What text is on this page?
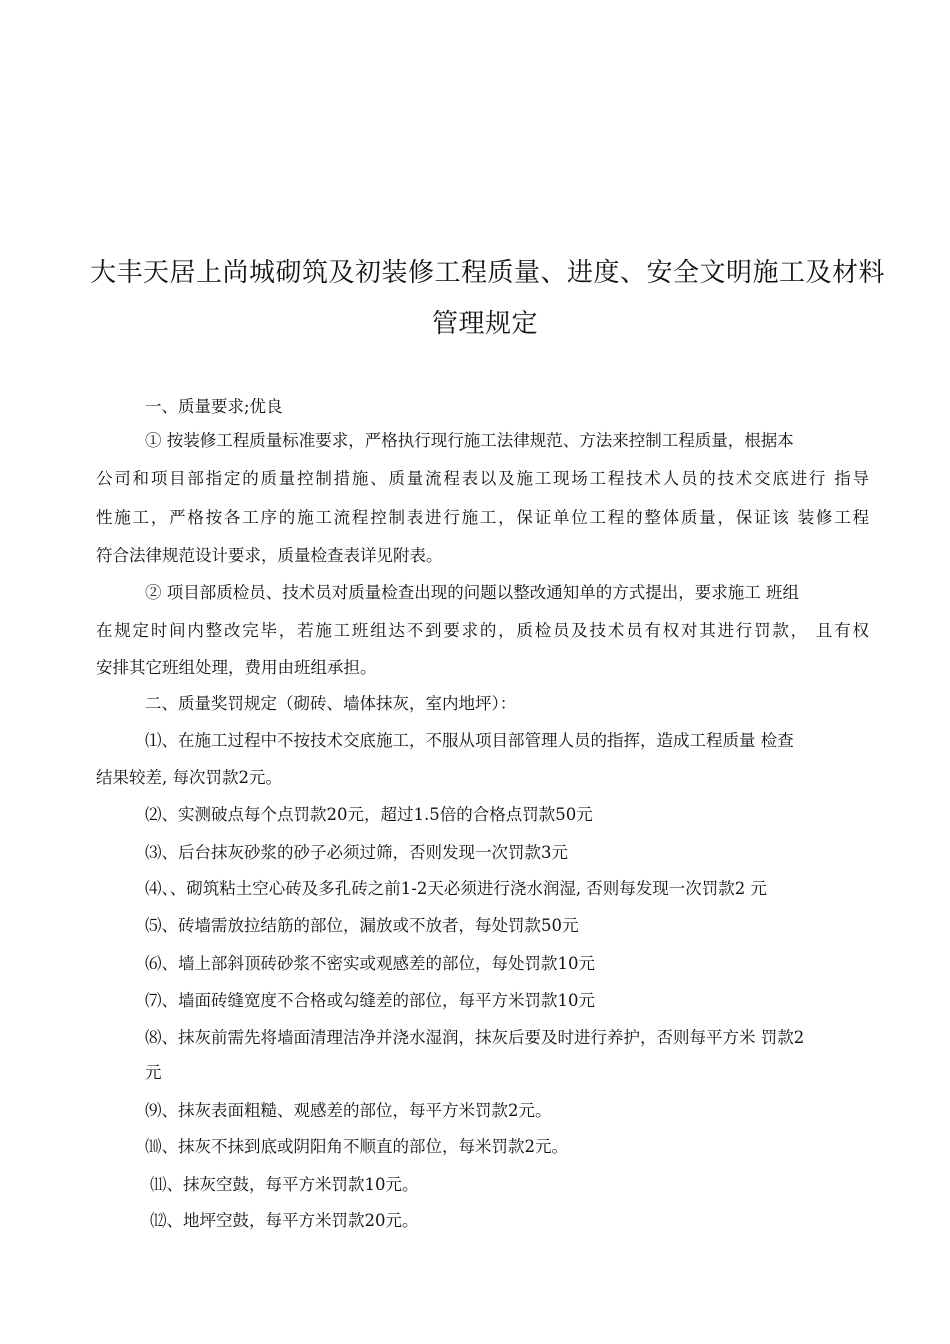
大丰天居上尚城砌筑及初装修工程质量、进度、安全文明施工及材料
管理规定
一、质量要求;优良
① 按装修工程质量标准要求，严格执行现行施工法律规范、方法来控制工程质量，根据本
公司和项目部指定的质量控制措施、质量流程表以及施工现场工程技术人员的技术交底进行 指导
性施工，严格按各工序的施工流程控制表进行施工，保证单位工程的整体质量，保证该 装修工程
符合法律规范设计要求，质量检查表详见附表。
② 项目部质检员、技术员对质量检查出现的问题以整改通知单的方式提出，要求施工 班组
在规定时间内整改完毕，若施工班组达不到要求的，质检员及技术员有权对其进行罚款， 且有权
安排其它班组处理，费用由班组承担。
二、质量奖罚规定（砌砖、墙体抹灰，室内地坪）：
⑴、在施工过程中不按技术交底施工，不服从项目部管理人员的指挥，造成工程质量 检查
结果较差, 每次罚款2元。
⑵、实测破点每个点罚款20元，超过1.5倍的合格点罚款50元
⑶、后台抹灰砂浆的砂子必须过筛，否则发现一次罚款3元
⑷、、砌筑粘土空心砖及多孔砖之前1-2天必须进行浇水润湿, 否则每发现一次罚款2 元
⑸、砖墙需放拉结筋的部位，漏放或不放者，每处罚款50元
⑹、墙上部斜顶砖砂浆不密实或观感差的部位，每处罚款10元
⑺、墙面砖缝宽度不合格或勾缝差的部位，每平方米罚款10元
⑻、抹灰前需先将墙面清理洁净并浇水湿润，抹灰后要及时进行养护，否则每平方米 罚款2
元
⑼、抹灰表面粗糙、观感差的部位，每平方米罚款2元。
⑽、抹灰不抹到底或阴阳角不顺直的部位，每米罚款2元。
⑾、抹灰空鼓，每平方米罚款10元。
⑿、地坪空鼓，每平方米罚款20元。
